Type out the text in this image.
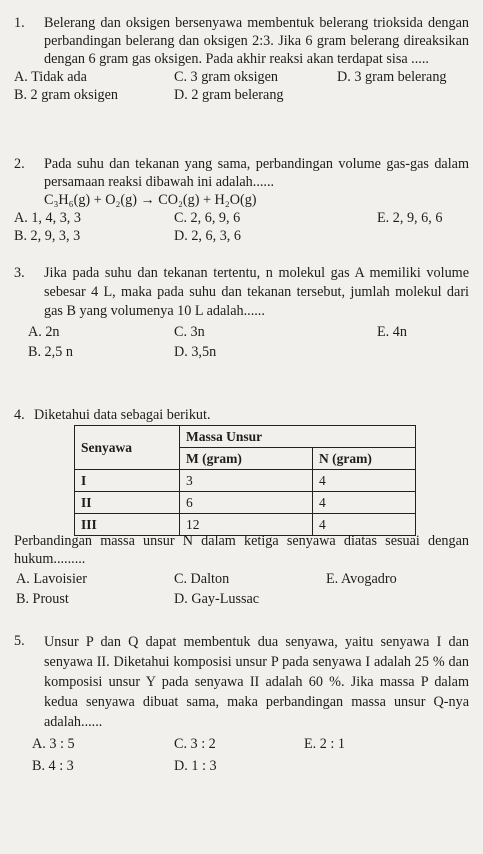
1.	Belerang dan oksigen bersenyawa membentuk belerang trioksida dengan perbandingan belerang dan oksigen 2:3. Jika 6 gram belerang direaksikan dengan 6 gram gas oksigen. Pada akhir reaksi akan terdapat sisa .....
A. Tidak ada	C. 3 gram oksigen	D. 3 gram belerang
B. 2 gram oksigen	D. 2 gram belerang
2.	Pada suhu dan tekanan yang sama, perbandingan volume gas-gas dalam persamaan reaksi dibawah ini adalah......
C₃H₆(g) + O₂(g) → CO₂(g) + H₂O(g)
A. 1, 4, 3, 3	C. 2, 6, 9, 6	E. 2, 9, 6, 6
B. 2, 9, 3, 3	D. 2, 6, 3, 6
3.	Jika pada suhu dan tekanan tertentu, n molekul gas A memiliki volume sebesar 4 L, maka pada suhu dan tekanan tersebut, jumlah molekul dari gas B yang volumenya 10 L adalah......
A. 2n	C. 3n	E. 4n
B. 2,5 n	D. 3,5n
4. Diketahui data sebagai berikut.
Senyawa	Massa Unsur	
	M (gram)	N (gram)
I	3	4
II	6	4
III	12	4
Perbandingan massa unsur N dalam ketiga senyawa diatas sesuai dengan hukum.........
A. Lavoisier	C. Dalton	E. Avogadro
B. Proust	D. Gay-Lussac
5.	Unsur P dan Q dapat membentuk dua senyawa, yaitu senyawa I dan senyawa II. Diketahui komposisi unsur P pada senyawa I adalah 25 % dan komposisi unsur Y pada senyawa II adalah 60 %. Jika massa P dalam kedua senyawa dibuat sama, maka perbandingan massa unsur Q-nya adalah......
A. 3 : 5	C. 3 : 2	E. 2 : 1
B. 4 : 3	D. 1 : 3
